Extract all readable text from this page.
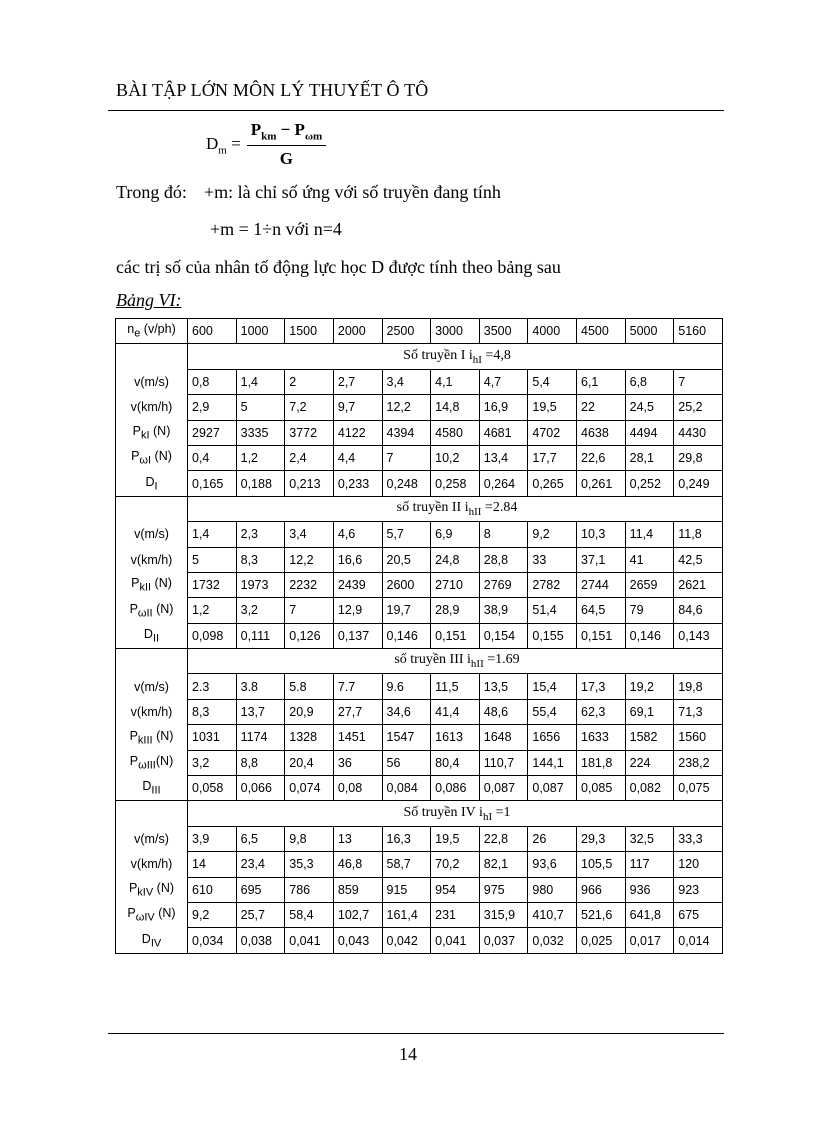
BÀI TẬP LỚN MÔN LÝ THUYẾT Ô TÔ
$D_m = \frac{P_{km} - P_{\omega m}}{G}$
Trong đó: +m: là chỉ số ứng với số truyền đang tính
+m = 1÷n với n=4
các trị số của nhân tố động lực học D được tính theo bảng sau
Bảng VI:
$n_e$ (v/ph)	600	1000	1500	2000	2500	3000	3500	4000	4500	5000	5160
	Số truyền I $i_{hI} =4,8$										
v(m/s)	0,8	1,4	2	2,7	3,4	4,1	4,7	5,4	6,1	6,8	7
v(km/h)	2,9	5	7,2	9,7	12,2	14,8	16,9	19,5	22	24,5	25,2
$P_{kI}$ (N)	2927	3335	3772	4122	4394	4580	4681	4702	4638	4494	4430
$P_{\omega I}$ (N)	0,4	1,2	2,4	4,4	7	10,2	13,4	17,7	22,6	28,1	29,8
$D_I$	0,165	0,188	0,213	0,233	0,248	0,258	0,264	0,265	0,261	0,252	0,249
	số truyền II $i_{hII} =2.84$										
v(m/s)	1,4	2,3	3,4	4,6	5,7	6,9	8	9,2	10,3	11,4	11,8
v(km/h)	5	8,3	12,2	16,6	20,5	24,8	28,8	33	37,1	41	42,5
$P_{kII}$ (N)	1732	1973	2232	2439	2600	2710	2769	2782	2744	2659	2621
$P_{\omega II}$ (N)	1,2	3,2	7	12,9	19,7	28,9	38,9	51,4	64,5	79	84,6
$D_{II}$	0,098	0,111	0,126	0,137	0,146	0,151	0,154	0,155	0,151	0,146	0,143
	số truyền III $i_{hII} =1.69$										
v(m/s)	2.3	3.8	5.8	7.7	9.6	11,5	13,5	15,4	17,3	19,2	19,8
v(km/h)	8,3	13,7	20,9	27,7	34,6	41,4	48,6	55,4	62,3	69,1	71,3
$P_{kIII}$ (N)	1031	1174	1328	1451	1547	1613	1648	1656	1633	1582	1560
$P_{\omega III}(N)$	3,2	8,8	20,4	36	56	80,4	110,7	144,1	181,8	224	238,2
$D_{III}$	0,058	0,066	0,074	0,08	0,084	0,086	0,087	0,087	0,085	0,082	0,075
	Số truyền IV $i_{hI} =1$										
v(m/s)	3,9	6,5	9,8	13	16,3	19,5	22,8	26	29,3	32,5	33,3
v(km/h)	14	23,4	35,3	46,8	58,7	70,2	82,1	93,6	105,5	117	120
$P_{kIV}$ (N)	610	695	786	859	915	954	975	980	966	936	923
$P_{\omega IV}$ (N)	9,2	25,7	58,4	102,7	161,4	231	315,9	410,7	521,6	641,8	675
$D_{IV}$	0,034	0,038	0,041	0,043	0,042	0,041	0,037	0,032	0,025	0,017	0,014
14
